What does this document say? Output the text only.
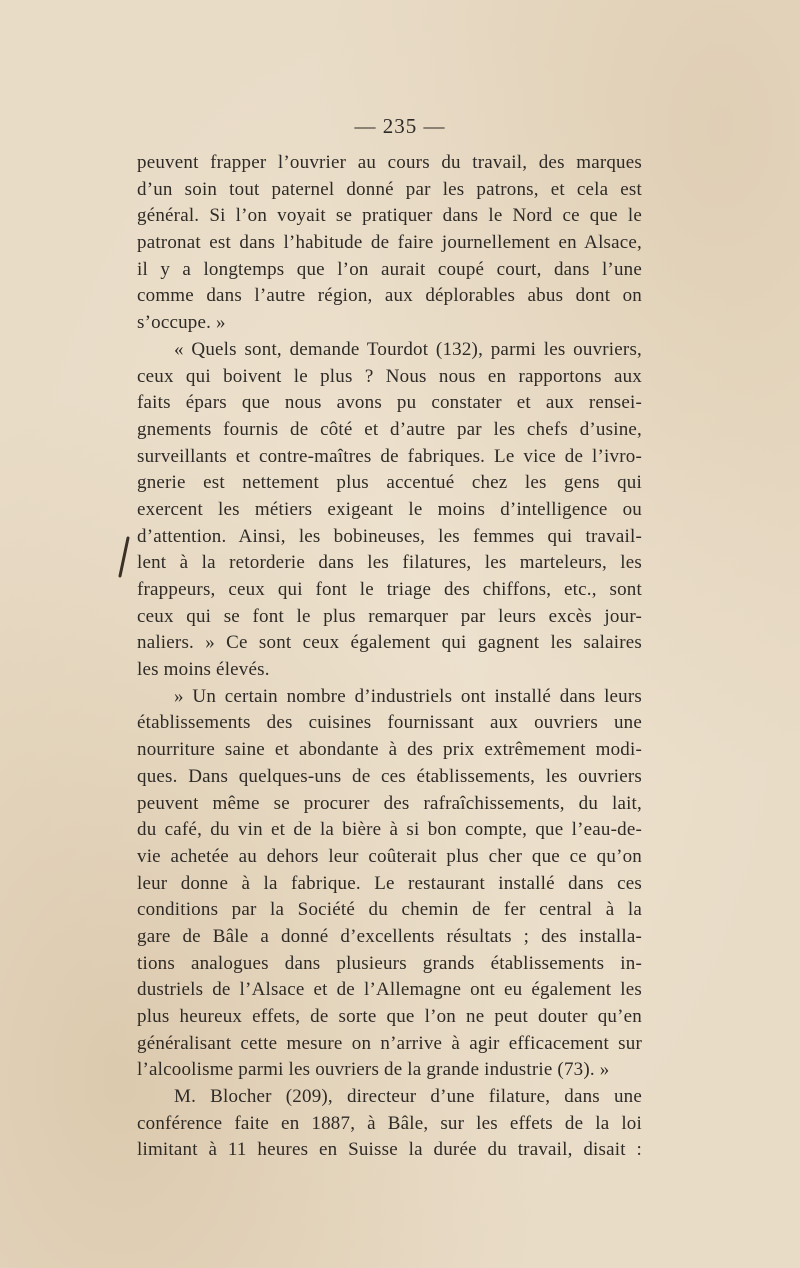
— 235 —
peuvent frapper l’ouvrier au cours du travail, des marques
d’un soin tout paternel donné par les patrons, et cela est
général. Si l’on voyait se pratiquer dans le Nord ce que le
patronat est dans l’habitude de faire journellement en Alsace,
il y a longtemps que l’on aurait coupé court, dans l’une
comme dans l’autre région, aux déplorables abus dont on
s’occupe. »
« Quels sont, demande Tourdot (132), parmi les ouvriers,
ceux qui boivent le plus ? Nous nous en rapportons aux
faits épars que nous avons pu constater et aux rensei-
gnements fournis de côté et d’autre par les chefs d’usine,
surveillants et contre-maîtres de fabriques. Le vice de l’ivro-
gnerie est nettement plus accentué chez les gens qui
exercent les métiers exigeant le moins d’intelligence ou
d’attention. Ainsi, les bobineuses, les femmes qui travail-
lent à la retorderie dans les filatures, les marteleurs, les
frappeurs, ceux qui font le triage des chiffons, etc., sont
ceux qui se font le plus remarquer par leurs excès jour-
naliers. » Ce sont ceux également qui gagnent les salaires
les moins élevés.
» Un certain nombre d’industriels ont installé dans leurs
établissements des cuisines fournissant aux ouvriers une
nourriture saine et abondante à des prix extrêmement modi-
ques. Dans quelques-uns de ces établissements, les ouvriers
peuvent même se procurer des rafraîchissements, du lait,
du café, du vin et de la bière à si bon compte, que l’eau-de-
vie achetée au dehors leur coûterait plus cher que ce qu’on
leur donne à la fabrique. Le restaurant installé dans ces
conditions par la Société du chemin de fer central à la
gare de Bâle a donné d’excellents résultats ; des installa-
tions analogues dans plusieurs grands établissements in-
dustriels de l’Alsace et de l’Allemagne ont eu également les
plus heureux effets, de sorte que l’on ne peut douter qu’en
généralisant cette mesure on n’arrive à agir efficacement sur
l’alcoolisme parmi les ouvriers de la grande industrie (73). »
M. Blocher (209), directeur d’une filature, dans une
conférence faite en 1887, à Bâle, sur les effets de la loi
limitant à 11 heures en Suisse la durée du travail, disait :
